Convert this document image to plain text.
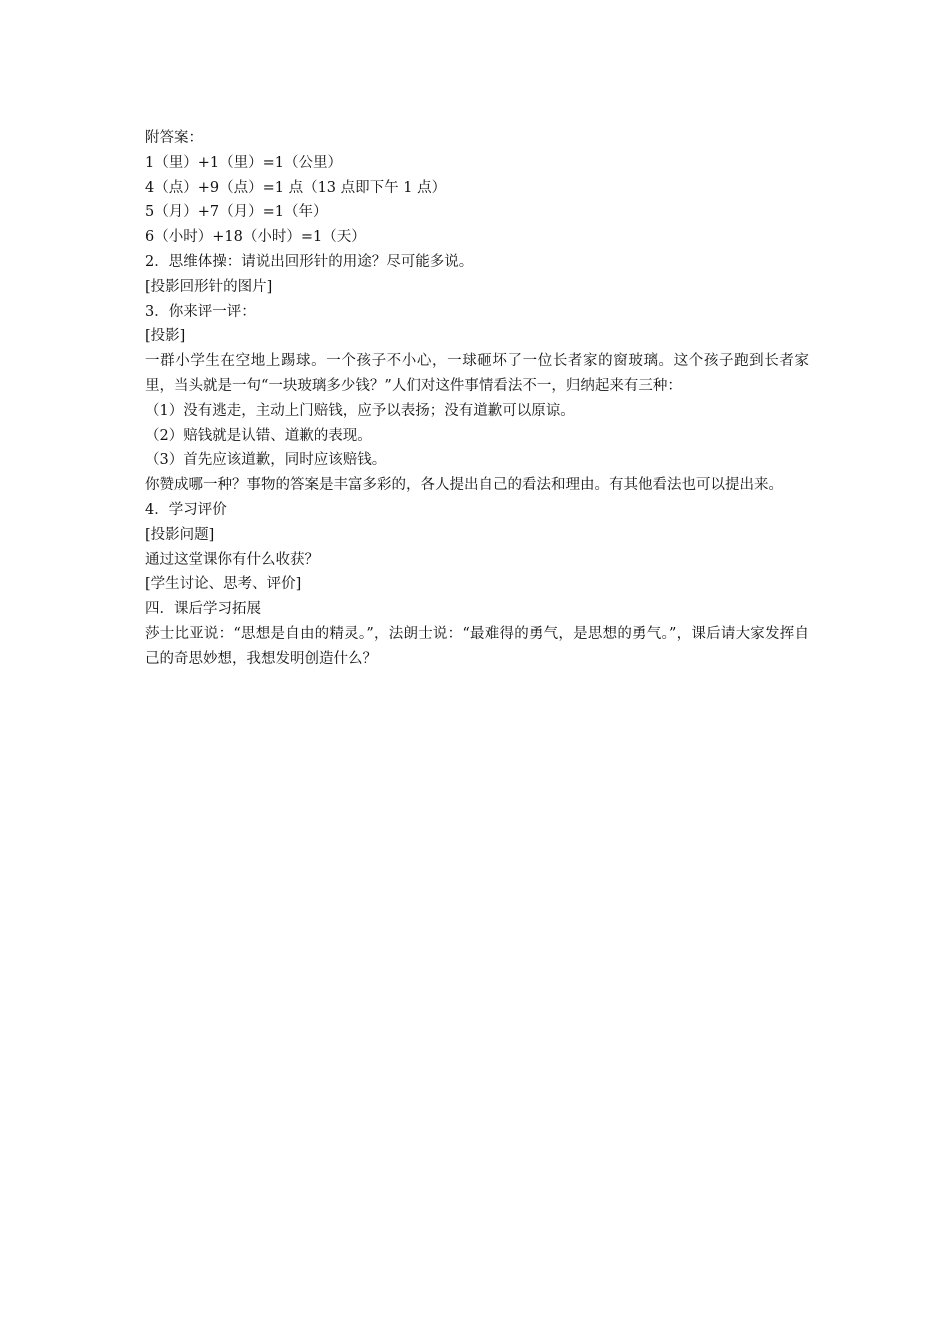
附答案：
1（里）+1（里）=1（公里）
4（点）+9（点）=1 点（13 点即下午 1 点）
5（月）+7（月）=1（年）
6（小时）+18（小时）=1（天）
2．思维体操：请说出回形针的用途？尽可能多说。
[投影回形针的图片]
3．你来评一评：
[投影]

一群小学生在空地上踢球。一个孩子不小心，一球砸坏了一位长者家的窗玻璃。这个孩子跑到长者家里，当头就是一句“一块玻璃多少钱？”人们对这件事情看法不一，归纳起来有三种：

（1）没有逃走，主动上门赔钱，应予以表扬；没有道歉可以原谅。
（2）赔钱就是认错、道歉的表现。
（3）首先应该道歉，同时应该赔钱。

你赞成哪一种？事物的答案是丰富多彩的，各人提出自己的看法和理由。有其他看法也可以提出来。

4．学习评价
[投影问题]
通过这堂课你有什么收获？
[学生讨论、思考、评价]
四．课后学习拓展

莎士比亚说：“思想是自由的精灵。”，法朗士说：“最难得的勇气，是思想的勇气。”，课后请大家发挥自己的奇思妙想，我想发明创造什么？
